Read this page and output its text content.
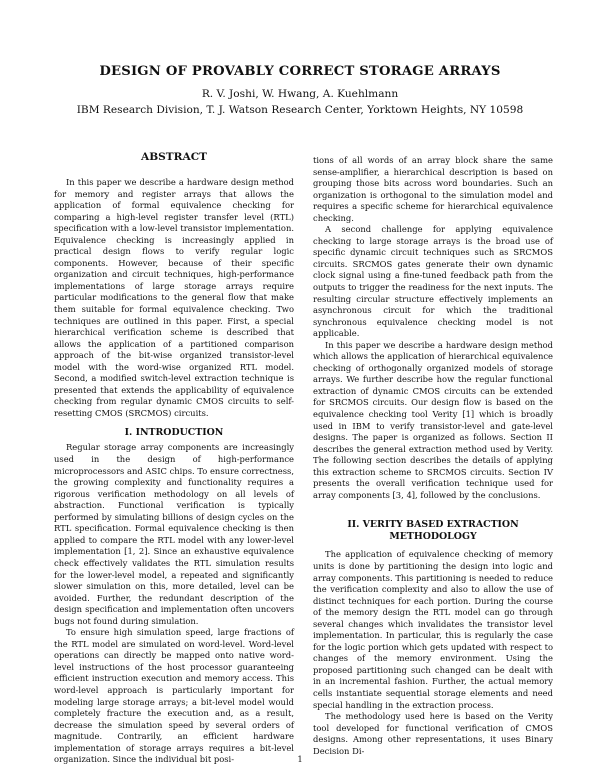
DESIGN OF PROVABLY CORRECT STORAGE ARRAYS

R. V. Joshi, W. Hwang, A. Kuehlmann

IBM Research Division, T. J. Watson Research Center, Yorktown Heights, NY 10598

ABSTRACT

In this paper we describe a hardware design method for memory and register arrays that allows the application of formal equivalence checking for comparing a high-level register transfer level (RTL) specification with a low-level transistor implementation. Equivalence checking is increasingly applied in practical design flows to verify regular logic components. However, because of their specific organization and circuit techniques, high-performance implementations of large storage arrays require particular modifications to the general flow that make them suitable for formal equivalence checking. Two techniques are outlined in this paper. First, a special hierarchical verification scheme is described that allows the application of a partitioned comparison approach of the bit-wise organized transistor-level model with the word-wise organized RTL model. Second, a modified switch-level extraction technique is presented that extends the applicability of equivalence checking from regular dynamic CMOS circuits to self-resetting CMOS (SRCMOS) circuits.

I. INTRODUCTION

Regular storage array components are increasingly used in the design of high-performance microprocessors and ASIC chips. To ensure correctness, the growing complexity and functionality requires a rigorous verification methodology on all levels of abstraction. Functional verification is typically performed by simulating billions of design cycles on the RTL specification. Formal equivalence checking is then applied to compare the RTL model with any lower-level implementation [1, 2]. Since an exhaustive equivalence check effectively validates the RTL simulation results for the lower-level model, a repeated and significantly slower simulation on this, more detailed, level can be avoided. Further, the redundant description of the design specification and implementation often uncovers bugs not found during simulation.

To ensure high simulation speed, large fractions of the RTL model are simulated on word-level. Word-level operations can directly be mapped onto native word-level instructions of the host processor guaranteeing efficient instruction execution and memory access. This word-level approach is particularly important for modeling large storage arrays; a bit-level model would completely fracture the execution and, as a result, decrease the simulation speed by several orders of magnitude. Contrarily, an efficient hardware implementation of storage arrays requires a bit-level organization. Since the individual bit posi-

tions of all words of an array block share the same sense-amplifier, a hierarchical description is based on grouping those bits across word boundaries. Such an organization is orthogonal to the simulation model and requires a specific scheme for hierarchical equivalence checking.

A second challenge for applying equivalence checking to large storage arrays is the broad use of specific dynamic circuit techniques such as SRCMOS circuits. SRCMOS gates generate their own dynamic clock signal using a fine-tuned feedback path from the outputs to trigger the readiness for the next inputs. The resulting circular structure effectively implements an asynchronous circuit for which the traditional synchronous equivalence checking model is not applicable.

In this paper we describe a hardware design method which allows the application of hierarchical equivalence checking of orthogonally organized models of storage arrays. We further describe how the regular functional extraction of dynamic CMOS circuits can be extended for SRCMOS circuits. Our design flow is based on the equivalence checking tool Verity [1] which is broadly used in IBM to verify transistor-level and gate-level designs. The paper is organized as follows. Section II describes the general extraction method used by Verity. The following section describes the details of applying this extraction scheme to SRCMOS circuits. Section IV presents the overall verification technique used for array components [3, 4], followed by the conclusions.

II. VERITY BASED EXTRACTION
METHODOLOGY

The application of equivalence checking of memory units is done by partitioning the design into logic and array components. This partitioning is needed to reduce the verification complexity and also to allow the use of distinct techniques for each portion. During the course of the memory design the RTL model can go through several changes which invalidates the transistor level implementation. In particular, this is regularly the case for the logic portion which gets updated with respect to changes of the memory environment. Using the proposed partitioning such changed can be dealt with in an incremental fashion. Further, the actual memory cells instantiate sequential storage elements and need special handling in the extraction process.

The methodology used here is based on the Verity tool developed for functional verification of CMOS designs. Among other representations, it uses Binary Decision Di-

1
